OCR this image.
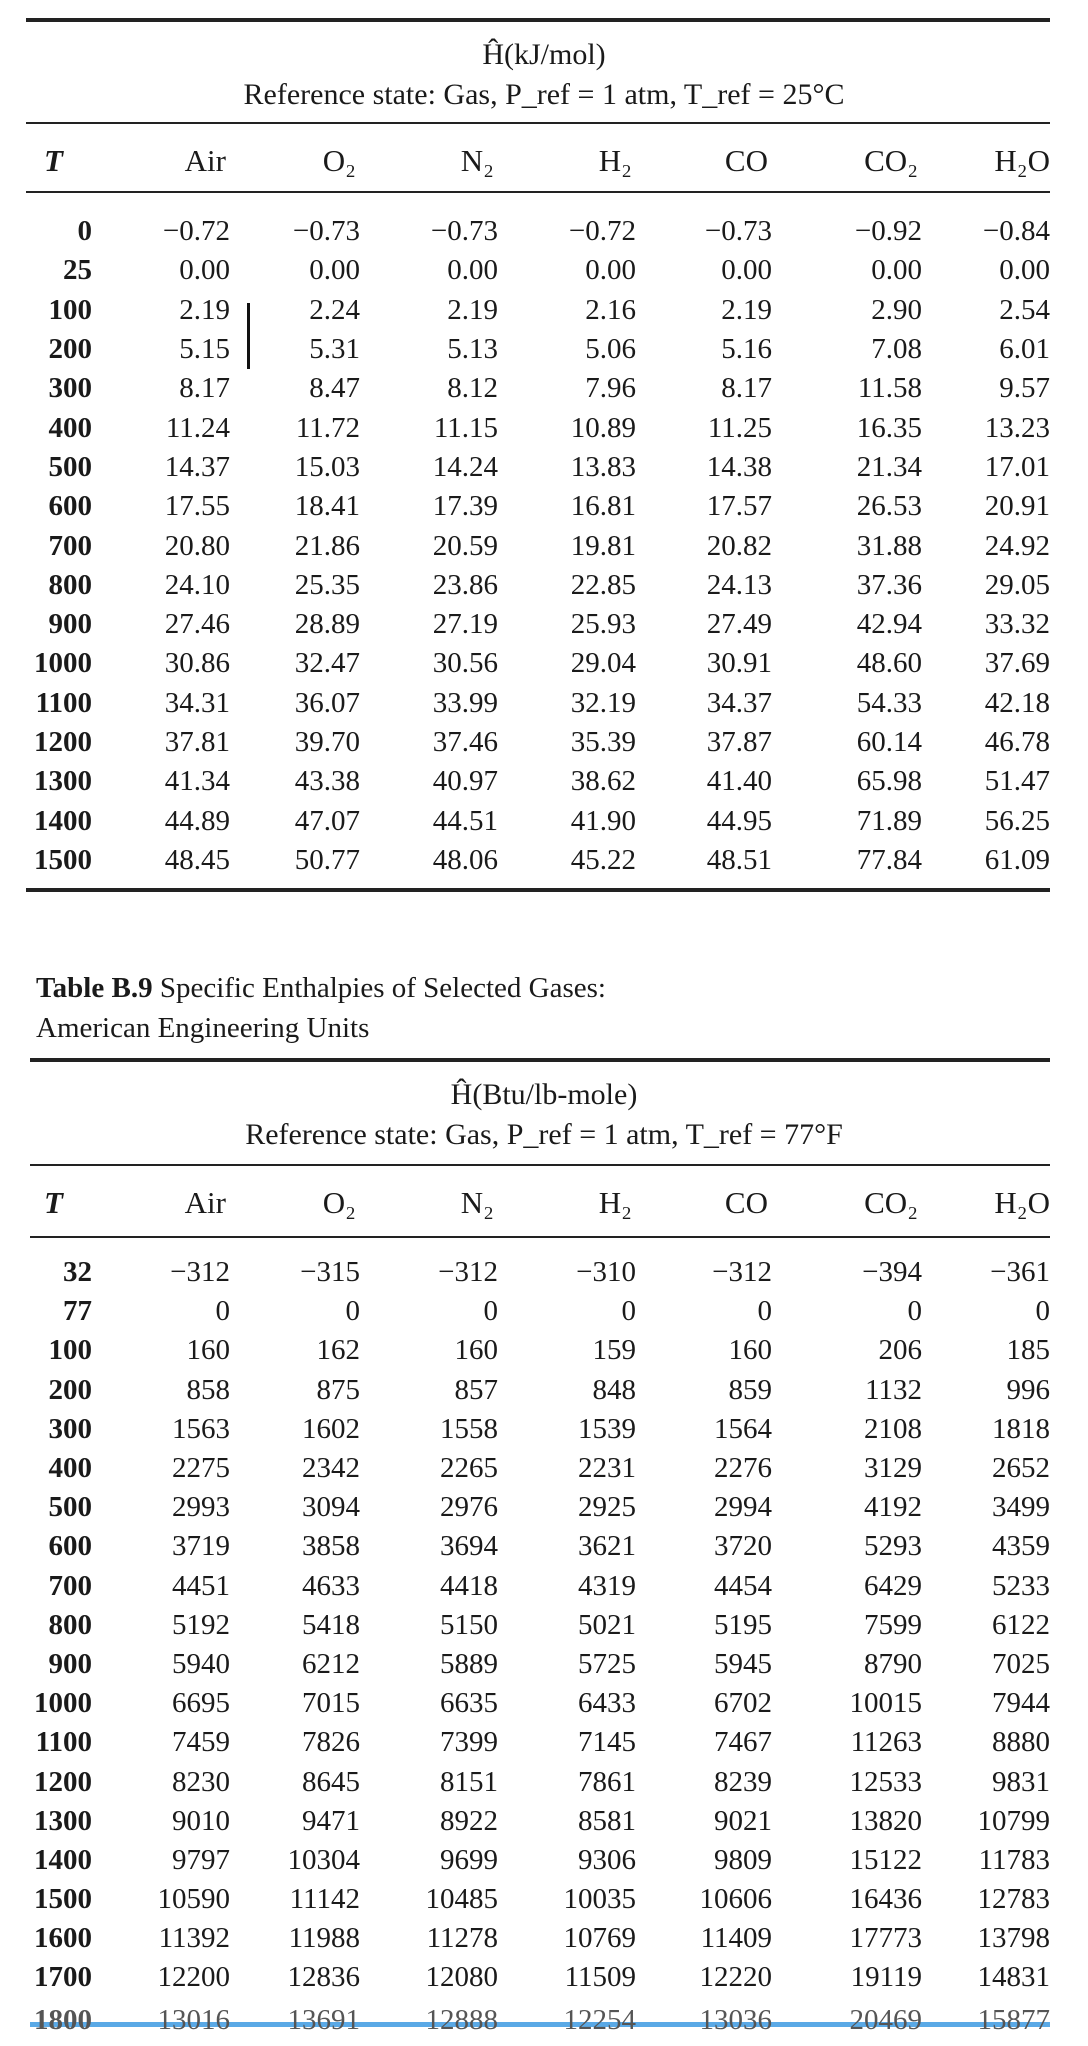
Ĥ(kJ/mol)
Reference state: Gas, P_ref = 1 atm, T_ref = 25°C
T	Air	O₂	N₂	H₂	CO	CO₂ H₂O
0 −0.72 −0.73 −0.73 −0.72 −0.73	−0.92 −0.84
25	0.00	0.00	0.00	0.00	0.00	0.00	0.00
100	2.19	2.24	2.19	2.16	2.19	2.90	2.54
200	5.15	5.31	5.13	5.06	5.16	7.08	6.01
300	8.17	8.47	8.12	7.96	8.17	11.58	9.57
400	11.24 11.72	11.15	10.89 11.25	16.35 13.23
500	14.37 15.03	14.24	13.83 14.38	21.34 17.01
600	17.55 18.41	17.39	16.81 17.57	26.53 20.91
700	20.80 21.86	20.59	19.81 20.82	31.88 24.92
800	24.10 25.35	23.86	22.85 24.13	37.36 29.05
900	27.46 28.89	27.19	25.93 27.49	42.94 33.32
1000	30.86 32.47	30.56	29.04 30.91	48.60 37.69
1100	34.31 36.07	33.99	32.19 34.37	54.33 42.18
1200	37.81 39.70	37.46	35.39 37.87	60.14 46.78
1300	41.34 43.38	40.97	38.62 41.40	65.98 51.47
1400	44.89 47.07	44.51	41.90 44.95	71.89 56.25
1500	48.45 50.77	48.06	45.22 48.51	77.84 61.09
Table B.9 Specific Enthalpies of Selected Gases:
American Engineering Units
Ĥ(Btu/lb-mole)
Reference state: Gas, P_ref = 1 atm, T_ref = 77°F
T	Air	O₂	N₂	H₂	CO	CO₂ H₂O
32	−312 −315	−312	−310	−312	−394 −361
77	0	0	0	0	0	0	0
100	160	162	160	159	160	206	185
200	858	875	857	848	859	1132	996
300	1563 1602	1558	1539	1564	2108 1818
400	2275 2342	2265	2231	2276	3129 2652
500	2993 3094	2976	2925	2994	4192 3499
600	3719 3858	3694	3621	3720	5293 4359
700	4451 4633	4418	4319	4454	6429 5233
800	5192 5418	5150	5021	5195	7599 6122
900	5940 6212	5889	5725	5945	8790 7025
1000	6695 7015	6635	6433	6702	10015 7944
1100	7459 7826	7399	7145	7467	11263 8880
1200	8230 8645	8151	7861	8239	12533 9831
1300	9010 9471	8922	8581	9021	13820 10799
1400	9797 10304	9699	9306	9809	15122 11783
1500 10590 11142 10485 10035 10606	16436 12783
1600 11392 11988 11278 10769 11409	17773 13798
1700 12200 12836 12080 11509 12220	19119 14831
1800 13016 13691 12888 12254 13036	20469 15877
